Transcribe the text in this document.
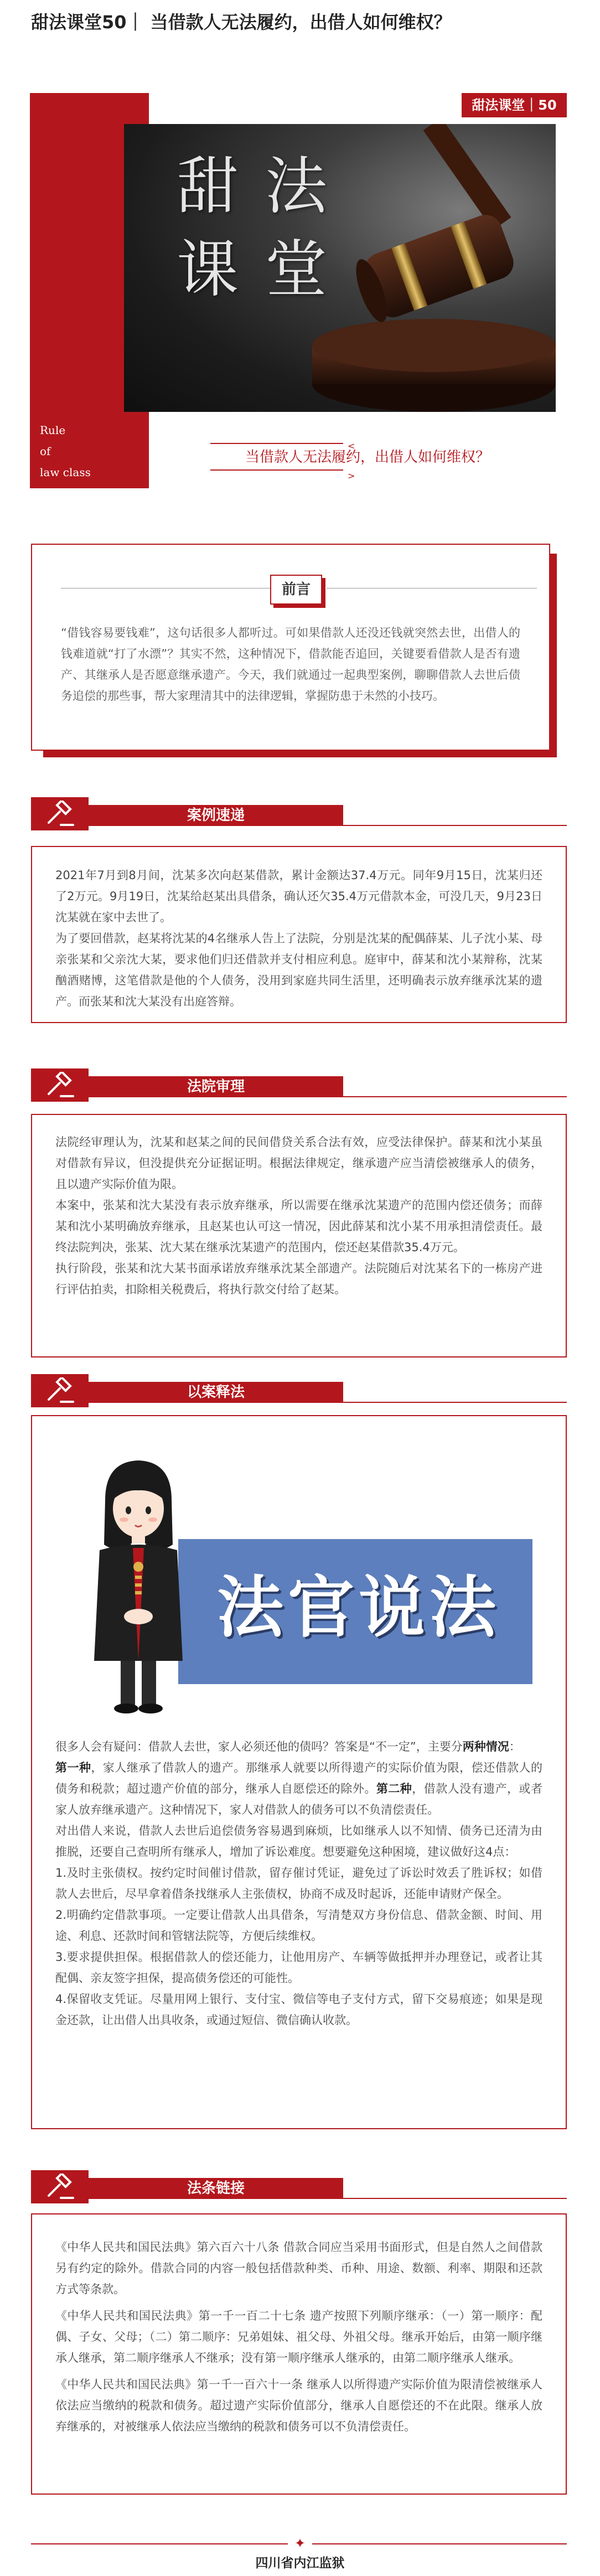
甜法课堂50｜ 当借款人无法履约，出借人如何维权？
甜法课堂｜50
甜 法
课 堂
Rule
of
law class
<
>
当借款人无法履约，出借人如何维权？
前言
“借钱容易要钱难”，这句话很多人都听过。可如果借款人还没还钱就突然去世，出借人的钱难道就“打了水漂”？其实不然，这种情况下，借款能否追回，关键要看借款人是否有遗产、其继承人是否愿意继承遗产。今天，我们就通过一起典型案例，聊聊借款人去世后债务追偿的那些事，帮大家理清其中的法律逻辑，掌握防患于未然的小技巧。
案例速递

2021年7月到8月间，沈某多次向赵某借款，累计金额达37.4万元。同年9月15日，沈某归还了2万元。9月19日，沈某给赵某出具借条，确认还欠35.4万元借款本金，可没几天，9月23日沈某就在家中去世了。

为了要回借款，赵某将沈某的4名继承人告上了法院，分别是沈某的配偶薛某、儿子沈小某、母亲张某和父亲沈大某，要求他们归还借款并支付相应利息。庭审中，薛某和沈小某辩称，沈某酗酒赌博，这笔借款是他的个人债务，没用到家庭共同生活里，还明确表示放弃继承沈某的遗产。而张某和沈大某没有出庭答辩。

法院审理

法院经审理认为，沈某和赵某之间的民间借贷关系合法有效，应受法律保护。薛某和沈小某虽对借款有异议，但没提供充分证据证明。根据法律规定，继承遗产应当清偿被继承人的债务，且以遗产实际价值为限。

本案中，张某和沈大某没有表示放弃继承，所以需要在继承沈某遗产的范围内偿还债务；而薛某和沈小某明确放弃继承，且赵某也认可这一情况，因此薛某和沈小某不用承担清偿责任。最终法院判决，张某、沈大某在继承沈某遗产的范围内，偿还赵某借款35.4万元。

执行阶段，张某和沈大某书面承诺放弃继承沈某全部遗产。法院随后对沈某名下的一栋房产进行评估拍卖，扣除相关税费后，将执行款交付给了赵某。

以案释法
法官说法

很多人会有疑问：借款人去世，家人必须还他的债吗？答案是“不一定”，主要分两种情况：

第一种，家人继承了借款人的遗产。那继承人就要以所得遗产的实际价值为限，偿还借款人的债务和税款；超过遗产价值的部分，继承人自愿偿还的除外。第二种，借款人没有遗产，或者家人放弃继承遗产。这种情况下，家人对借款人的债务可以不负清偿责任。

对出借人来说，借款人去世后追偿债务容易遇到麻烦，比如继承人以不知情、债务已还清为由推脱，还要自己查明所有继承人，增加了诉讼难度。想要避免这种困境，建议做好这4点：

1.及时主张债权。按约定时间催讨借款，留存催讨凭证，避免过了诉讼时效丢了胜诉权；如借款人去世后，尽早拿着借条找继承人主张债权，协商不成及时起诉，还能申请财产保全。

2.明确约定借款事项。一定要让借款人出具借条，写清楚双方身份信息、借款金额、时间、用途、利息、还款时间和管辖法院等，方便后续维权。

3.要求提供担保。根据借款人的偿还能力，让他用房产、车辆等做抵押并办理登记，或者让其配偶、亲友签字担保，提高债务偿还的可能性。

4.保留收支凭证。尽量用网上银行、支付宝、微信等电子支付方式，留下交易痕迹；如果是现金还款，让出借人出具收条，或通过短信、微信确认收款。

法条链接

《中华人民共和国民法典》第六百六十八条 借款合同应当采用书面形式，但是自然人之间借款另有约定的除外。借款合同的内容一般包括借款种类、币种、用途、数额、利率、期限和还款方式等条款。

《中华人民共和国民法典》第一千一百二十七条 遗产按照下列顺序继承：（一）第一顺序：配偶、子女、父母；（二）第二顺序：兄弟姐妹、祖父母、外祖父母。继承开始后，由第一顺序继承人继承，第二顺序继承人不继承；没有第一顺序继承人继承的，由第二顺序继承人继承。

《中华人民共和国民法典》第一千一百六十一条 继承人以所得遗产实际价值为限清偿被继承人依法应当缴纳的税款和债务。超过遗产实际价值部分，继承人自愿偿还的不在此限。继承人放弃继承的，对被继承人依法应当缴纳的税款和债务可以不负清偿责任。

✦
四川省内江监狱
